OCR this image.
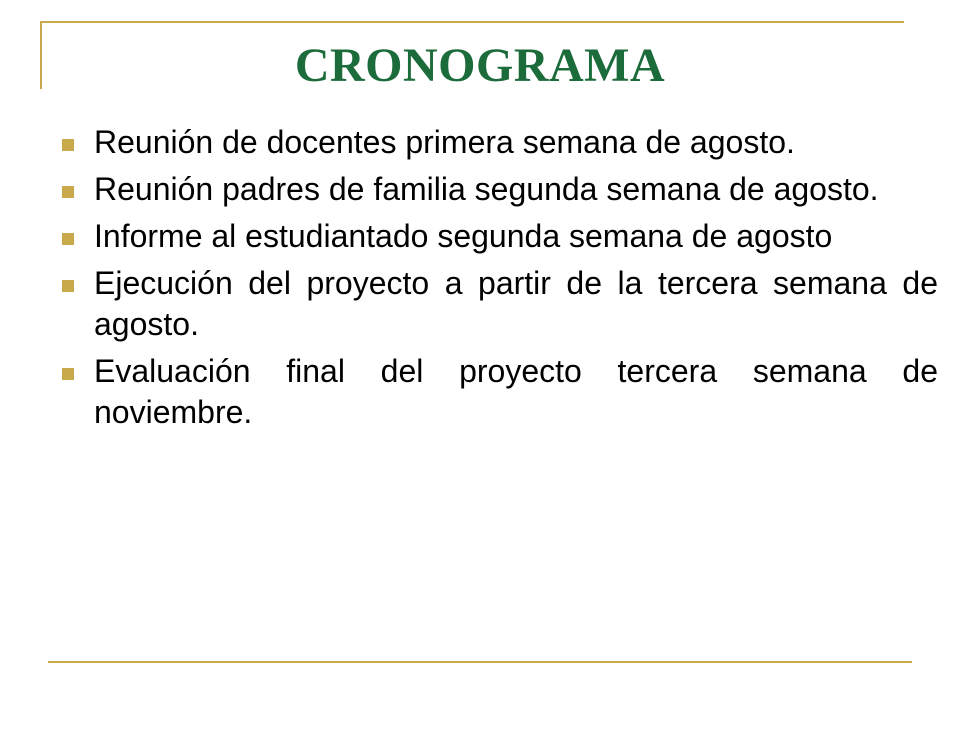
CRONOGRAMA
Reunión de docentes primera semana de agosto.
Reunión padres de familia segunda semana de agosto.
Informe al estudiantado segunda semana de agosto
Ejecución del proyecto a partir de la tercera semana de agosto.
Evaluación final del proyecto tercera semana de noviembre.
